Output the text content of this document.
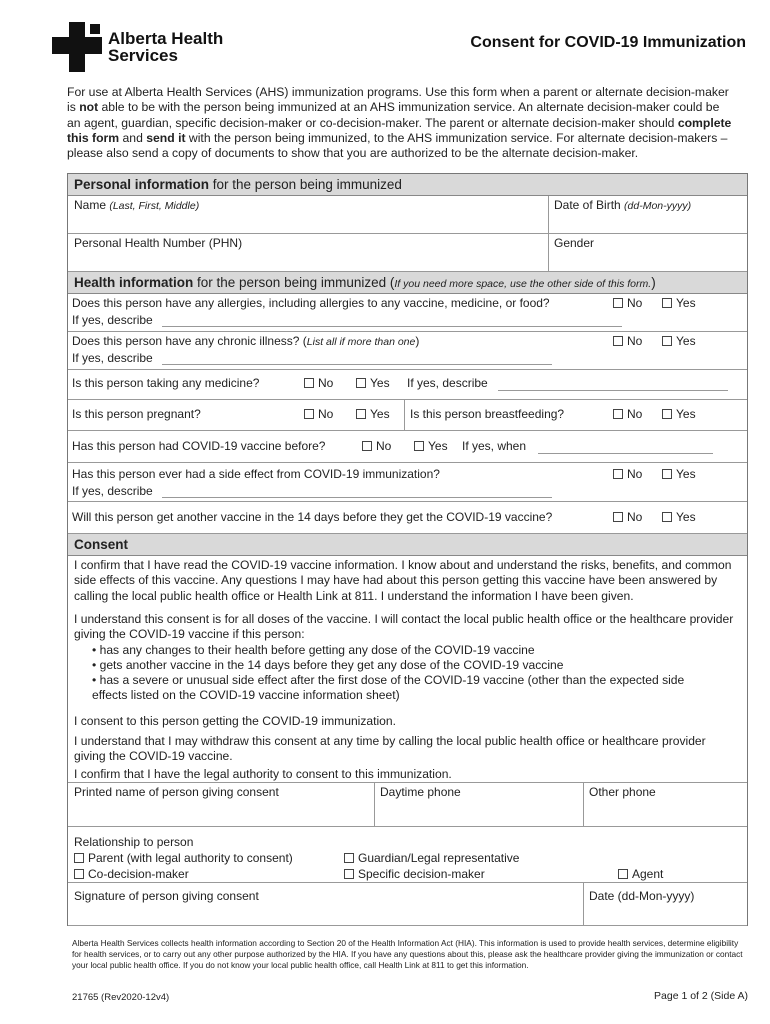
Alberta Health
Services
Consent for COVID-19 Immunization
For use at Alberta Health Services (AHS) immunization programs. Use this form when a parent or alternate decision-maker is not able to be with the person being immunized at an AHS immunization service. An alternate decision-maker could be an agent, guardian, specific decision-maker or co-decision-maker. The parent or alternate decision-maker should complete this form and send it with the person being immunized, to the AHS immunization service. For alternate decision-makers – please also send a copy of documents to show that you are authorized to be the alternate decision-maker.
Personal information for the person being immunized
Name (Last, First, Middle)	Date of Birth (dd-Mon-yyyy)
Personal Health Number (PHN)	Gender
Health information for the person being immunized (If you need more space, use the other side of this form.)
Does this person have any allergies, including allergies to any vaccine, medicine, or food?	No	Yes
If yes, describe
Does this person have any chronic illness? (List all if more than one)	No	Yes
If yes, describe
Is this person taking any medicine?	No	Yes If yes, describe
Is this person pregnant?	No	Yes Is this person breastfeeding?	No	Yes
Has this person had COVID-19 vaccine before?	No	Yes If yes, when
Has this person ever had a side effect from COVID-19 immunization?	No	Yes
If yes, describe
Will this person get another vaccine in the 14 days before they get the COVID-19 vaccine?	No	Yes
Consent
I confirm that I have read the COVID-19 vaccine information. I know about and understand the risks, benefits, and common side effects of this vaccine. Any questions I may have had about this person getting this vaccine have been answered by calling the local public health office or Health Link at 811. I understand the information I have been given.
I understand this consent is for all doses of the vaccine. I will contact the local public health office or the healthcare provider giving the COVID-19 vaccine if this person:
• has any changes to their health before getting any dose of the COVID-19 vaccine
• gets another vaccine in the 14 days before they get any dose of the COVID-19 vaccine
• has a severe or unusual side effect after the first dose of the COVID-19 vaccine (other than the expected side effects listed on the COVID-19 vaccine information sheet)
I consent to this person getting the COVID-19 immunization.
I understand that I may withdraw this consent at any time by calling the local public health office or healthcare provider giving the COVID-19 vaccine.
I confirm that I have the legal authority to consent to this immunization.
Printed name of person giving consent	Daytime phone	Other phone
Relationship to person
Parent (with legal authority to consent)	Guardian/Legal representative
Co-decision-maker	Specific decision-maker	Agent
Signature of person giving consent	Date (dd-Mon-yyyy)
Alberta Health Services collects health information according to Section 20 of the Health Information Act (HIA). This information is used to provide health services, determine eligibility for health services, or to carry out any other purpose authorized by the HIA. If you have any questions about this, please ask the healthcare provider giving the immunization or contact your local public health office. If you do not know your local public health office, call Health Link at 811 to get this information.
21765 (Rev2020-12v4)	Page 1 of 2 (Side A)
